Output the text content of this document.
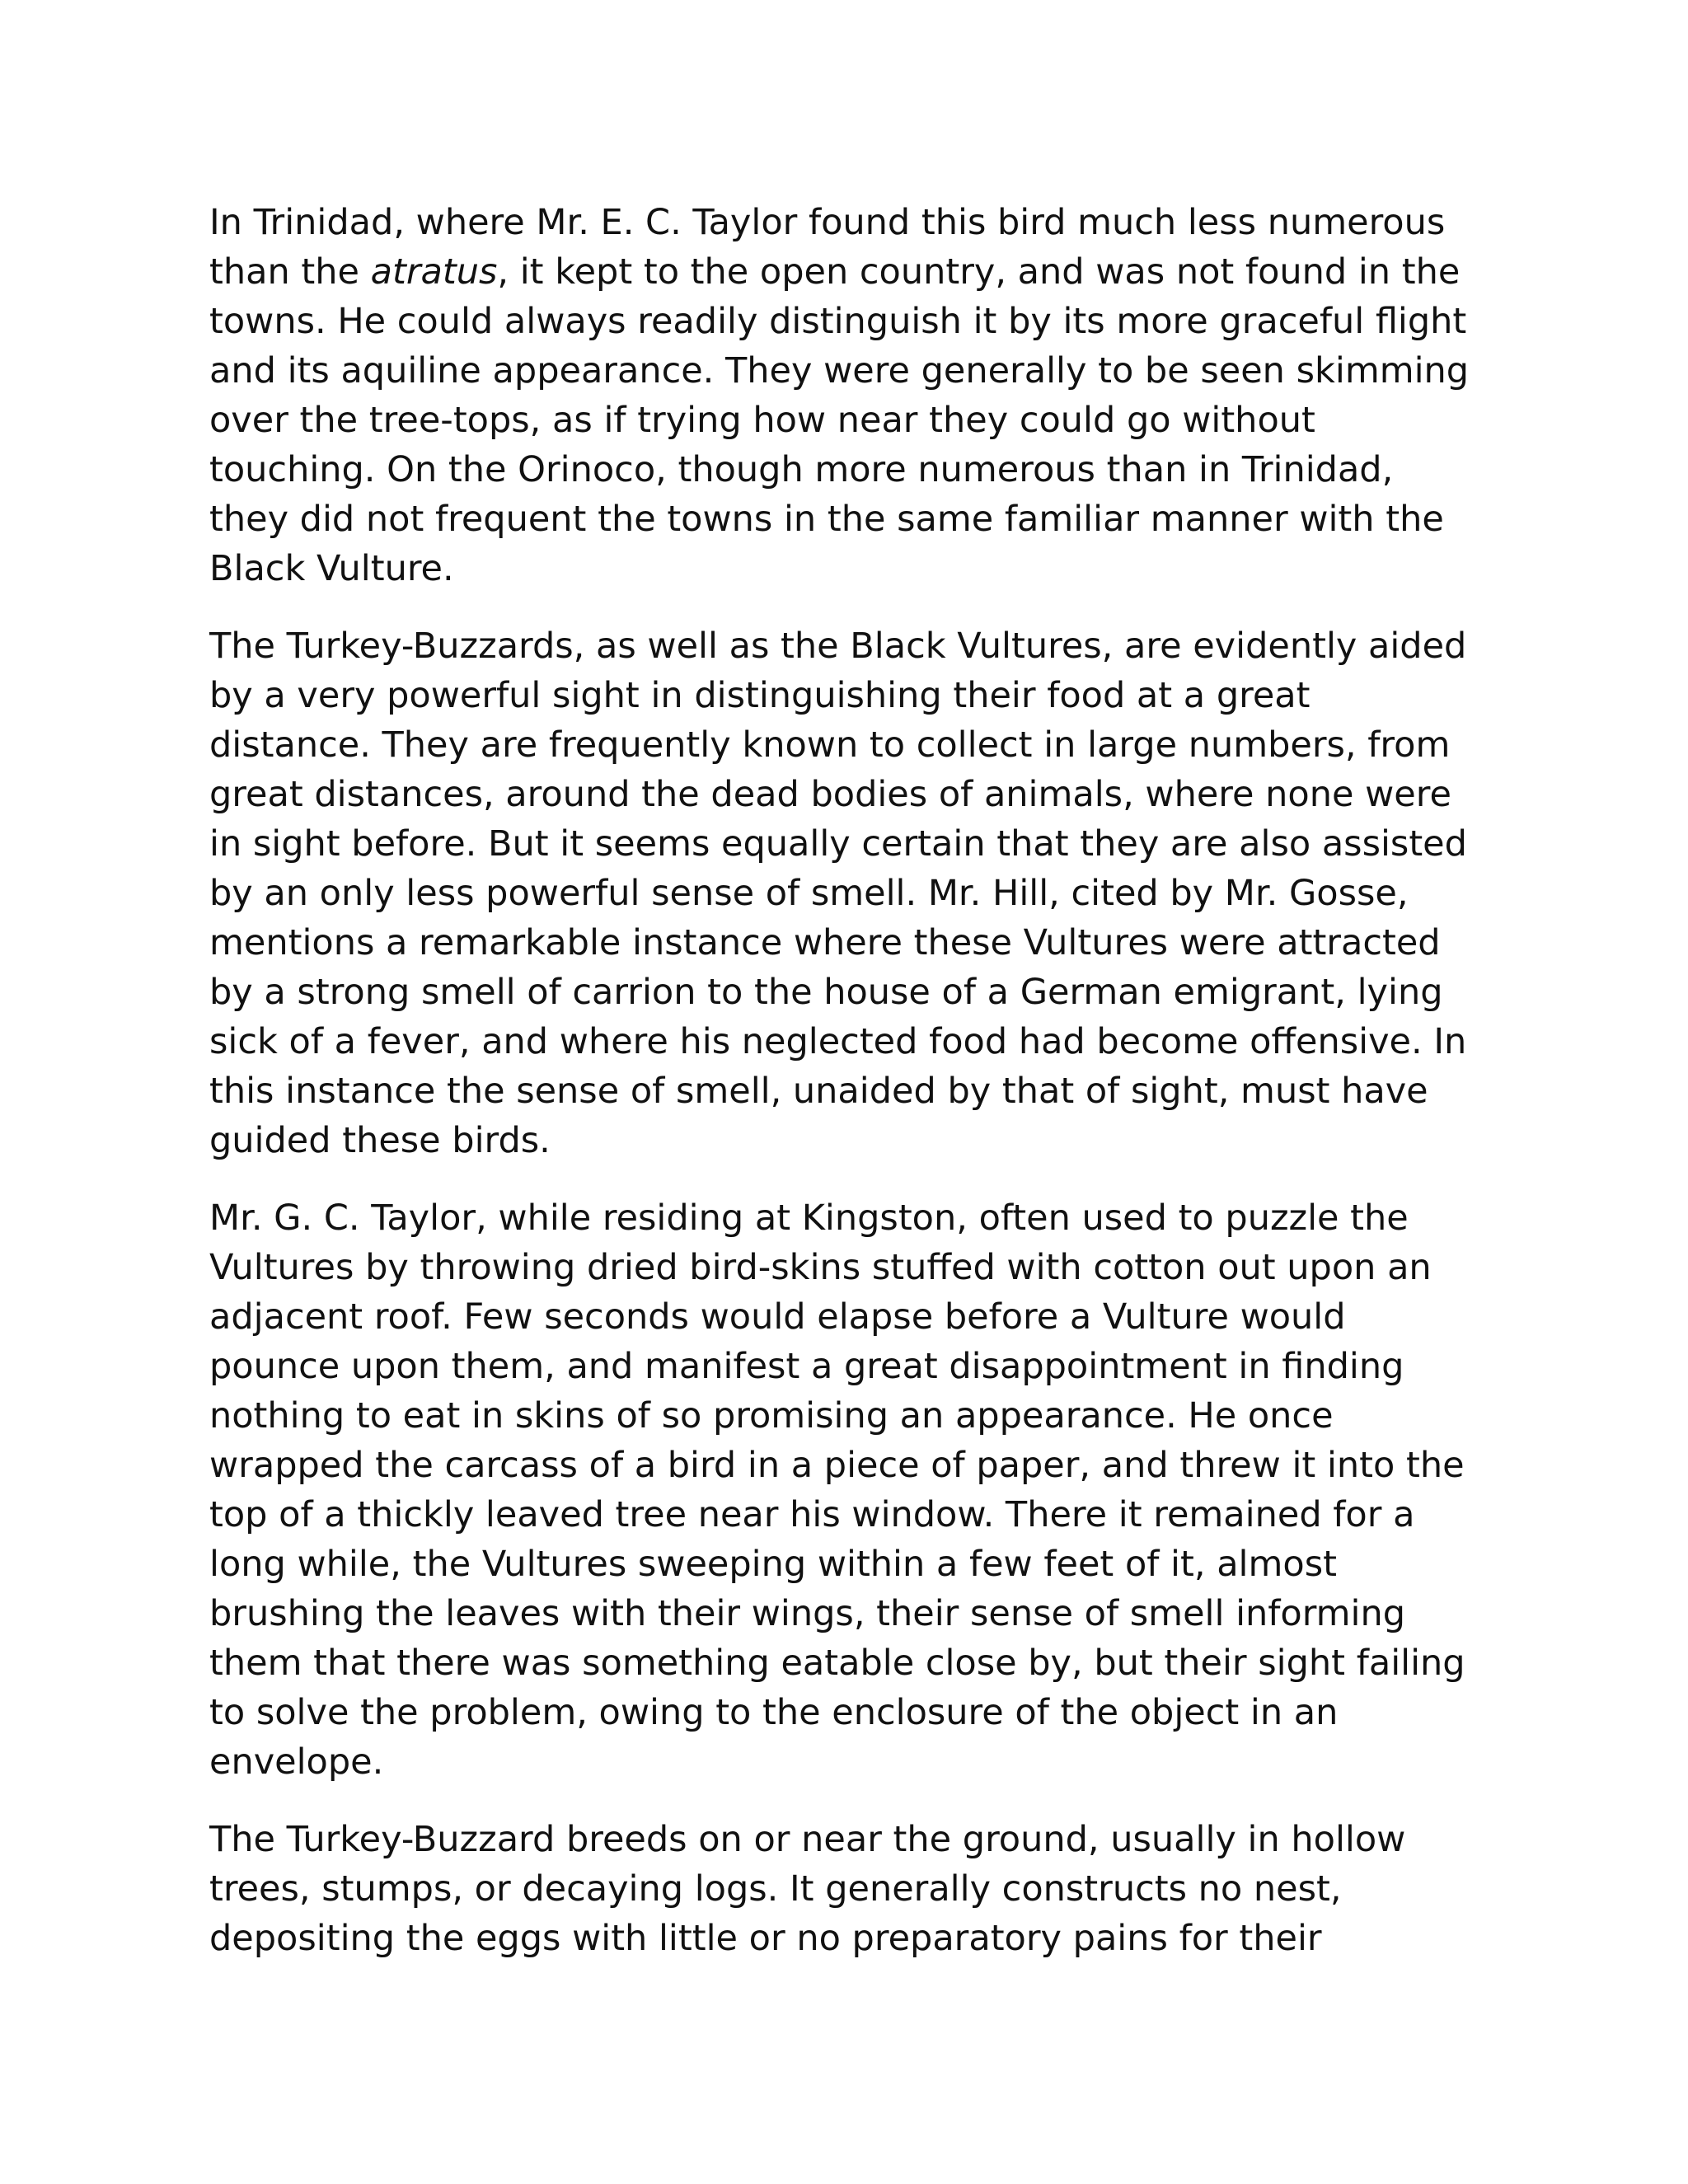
In Trinidad, where Mr. E. C. Taylor found this bird much less numerous than the atratus, it kept to the open country, and was not found in the towns. He could always readily distinguish it by its more graceful flight and its aquiline appearance. They were generally to be seen skimming over the tree-tops, as if trying how near they could go without touching. On the Orinoco, though more numerous than in Trinidad, they did not frequent the towns in the same familiar manner with the Black Vulture.

The Turkey-Buzzards, as well as the Black Vultures, are evidently aided by a very powerful sight in distinguishing their food at a great distance. They are frequently known to collect in large numbers, from great distances, around the dead bodies of animals, where none were in sight before. But it seems equally certain that they are also assisted by an only less powerful sense of smell. Mr. Hill, cited by Mr. Gosse, mentions a remarkable instance where these Vultures were attracted by a strong smell of carrion to the house of a German emigrant, lying sick of a fever, and where his neglected food had become offensive. In this instance the sense of smell, unaided by that of sight, must have guided these birds.

Mr. G. C. Taylor, while residing at Kingston, often used to puzzle the Vultures by throwing dried bird-skins stuffed with cotton out upon an adjacent roof. Few seconds would elapse before a Vulture would pounce upon them, and manifest a great disappointment in finding nothing to eat in skins of so promising an appearance. He once wrapped the carcass of a bird in a piece of paper, and threw it into the top of a thickly leaved tree near his window. There it remained for a long while, the Vultures sweeping within a few feet of it, almost brushing the leaves with their wings, their sense of smell informing them that there was something eatable close by, but their sight failing to solve the problem, owing to the enclosure of the object in an envelope.

The Turkey-Buzzard breeds on or near the ground, usually in hollow trees, stumps, or decaying logs. It generally constructs no nest, depositing the eggs with little or no preparatory pains for their
